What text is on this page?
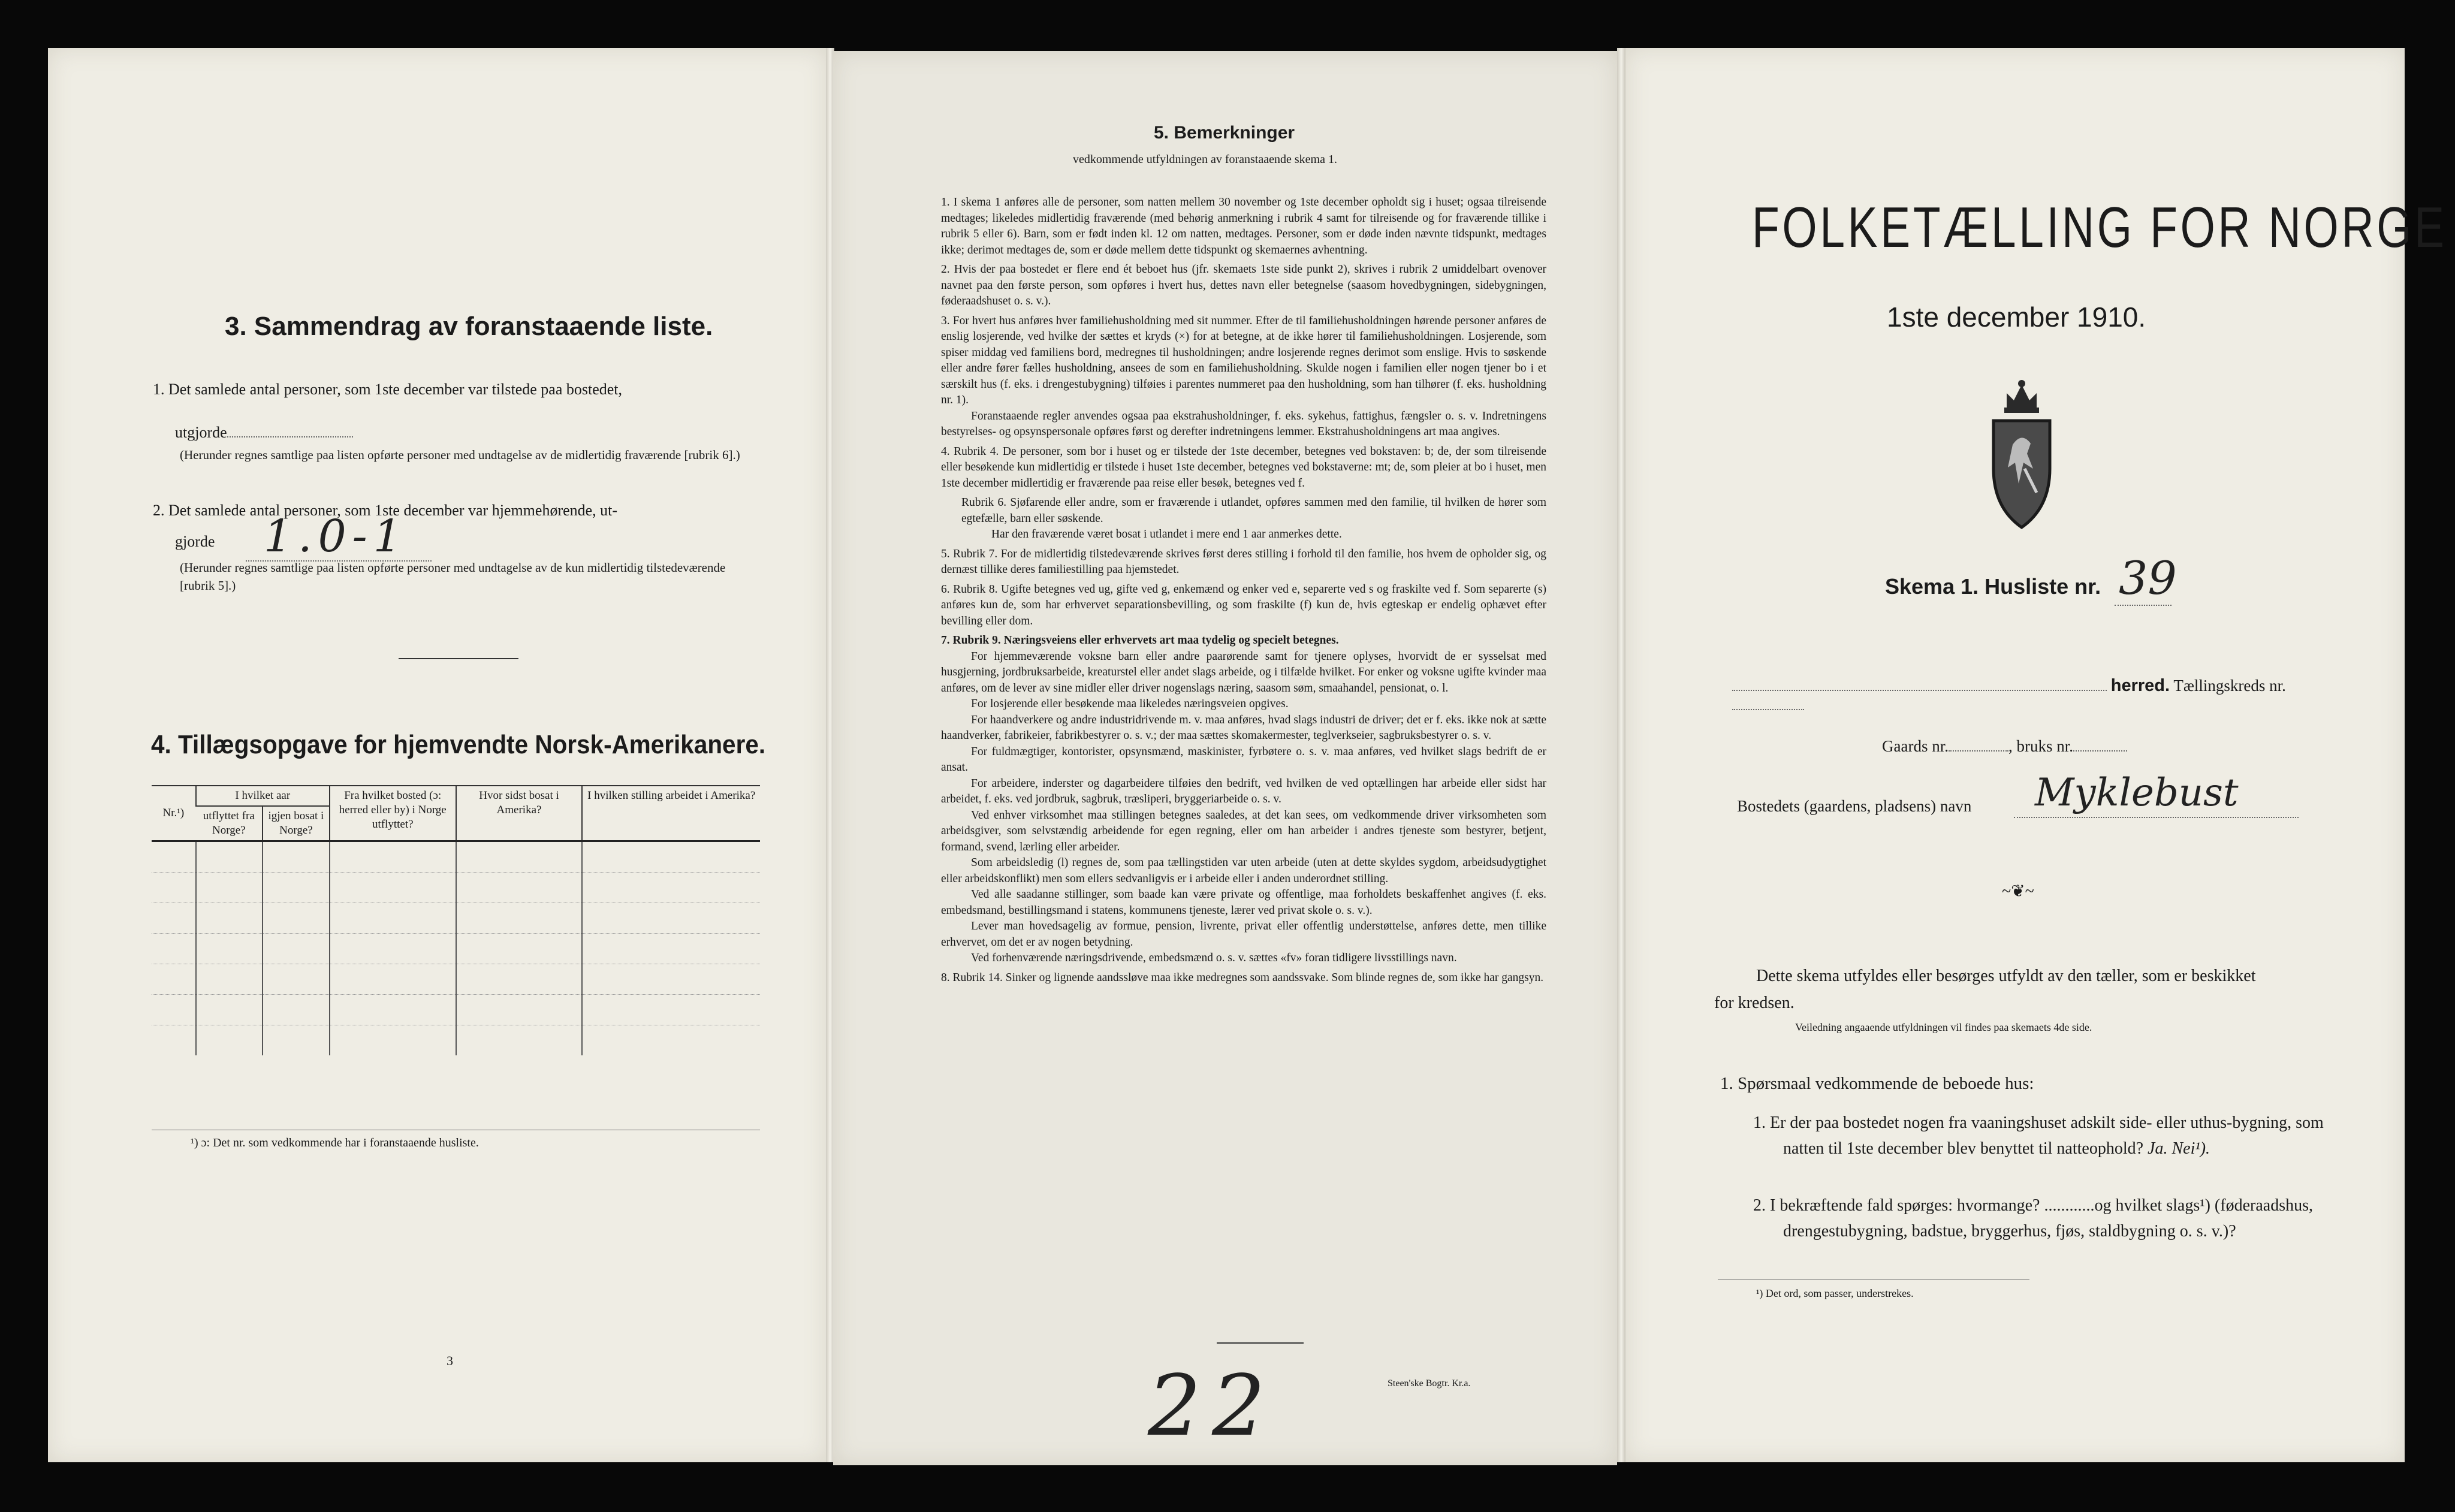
3. Sammendrag av foranstaaende liste.
1. Det samlede antal personer, som 1ste december var tilstede paa bostedet,
utgjorde
(Herunder regnes samtlige paa listen opførte personer med undtagelse av de midlertidig fraværende [rubrik 6].)
2. Det samlede antal personer, som 1ste december var hjemmehørende, ut-
gjorde 1.0-1
(Herunder regnes samtlige paa listen opførte personer med undtagelse av de kun midlertidig tilstedeværende [rubrik 5].)
4. Tillægsopgave for hjemvendte Norsk-Amerikanere.
Nr.¹)	I hvilket aar		Fra hvilket bosted (ɔ: herred eller by) i Norge utflyttet?	Hvor sidst bosat i Amerika?	I hvilken stilling arbeidet i Amerika?
	utflyttet fra Norge?	igjen bosat i Norge?			

¹) ɔ: Det nr. som vedkommende har i foranstaaende husliste.
3
5. Bemerkninger
vedkommende utfyldningen av foranstaaende skema 1.

1. I skema 1 anføres alle de personer, som natten mellem 30 november og 1ste december opholdt sig i huset; ogsaa tilreisende medtages; likeledes midlertidig fraværende (med behørig anmerkning i rubrik 4 samt for tilreisende og for fraværende tillike i rubrik 5 eller 6). Barn, som er født inden kl. 12 om natten, medtages. Personer, som er døde inden nævnte tidspunkt, medtages ikke; derimot medtages de, som er døde mellem dette tidspunkt og skemaernes avhentning.

2. Hvis der paa bostedet er flere end ét beboet hus (jfr. skemaets 1ste side punkt 2), skrives i rubrik 2 umiddelbart ovenover navnet paa den første person, som opføres i hvert hus, dettes navn eller betegnelse (saasom hovedbygningen, sidebygningen, føderaadshuset o. s. v.).

3. For hvert hus anføres hver familiehusholdning med sit nummer. Efter de til familiehusholdningen hørende personer anføres de enslig losjerende, ved hvilke der sættes et kryds (×) for at betegne, at de ikke hører til familiehusholdningen. Losjerende, som spiser middag ved familiens bord, medregnes til husholdningen; andre losjerende regnes derimot som enslige. Hvis to søskende eller andre fører fælles husholdning, ansees de som en familiehusholdning. Skulde nogen i familien eller nogen tjener bo i et særskilt hus (f. eks. i drengestubygning) tilføies i parentes nummeret paa den husholdning, som han tilhører (f. eks. husholdning nr. 1).

Foranstaaende regler anvendes ogsaa paa ekstrahusholdninger, f. eks. sykehus, fattighus, fængsler o. s. v. Indretningens bestyrelses- og opsynspersonale opføres først og derefter indretningens lemmer. Ekstrahusholdningens art maa angives.

4. Rubrik 4. De personer, som bor i huset og er tilstede der 1ste december, betegnes ved bokstaven: b; de, der som tilreisende eller besøkende kun midlertidig er tilstede i huset 1ste december, betegnes ved bokstaverne: mt; de, som pleier at bo i huset, men 1ste december midlertidig er fraværende paa reise eller besøk, betegnes ved f.

Rubrik 6. Sjøfarende eller andre, som er fraværende i utlandet, opføres sammen med den familie, til hvilken de hører som egtefælle, barn eller søskende.

Har den fraværende været bosat i utlandet i mere end 1 aar anmerkes dette.

5. Rubrik 7. For de midlertidig tilstedeværende skrives først deres stilling i forhold til den familie, hos hvem de opholder sig, og dernæst tillike deres familiestilling paa hjemstedet.

6. Rubrik 8. Ugifte betegnes ved ug, gifte ved g, enkemænd og enker ved e, separerte ved s og fraskilte ved f. Som separerte (s) anføres kun de, som har erhvervet separationsbevilling, og som fraskilte (f) kun de, hvis egteskap er endelig ophævet efter bevilling eller dom.

7. Rubrik 9. Næringsveiens eller erhvervets art maa tydelig og specielt betegnes.

For hjemmeværende voksne barn eller andre paarørende samt for tjenere oplyses, hvorvidt de er sysselsat med husgjerning, jordbruksarbeide, kreaturstel eller andet slags arbeide, og i tilfælde hvilket. For enker og voksne ugifte kvinder maa anføres, om de lever av sine midler eller driver nogenslags næring, saasom søm, smaahandel, pensionat, o. l.

For losjerende eller besøkende maa likeledes næringsveien opgives.

For haandverkere og andre industridrivende m. v. maa anføres, hvad slags industri de driver; det er f. eks. ikke nok at sætte haandverker, fabrikeier, fabrikbestyrer o. s. v.; der maa sættes skomakermester, teglverkseier, sagbruksbestyrer o. s. v.

For fuldmægtiger, kontorister, opsynsmænd, maskinister, fyrbøtere o. s. v. maa anføres, ved hvilket slags bedrift de er ansat.

For arbeidere, inderster og dagarbeidere tilføies den bedrift, ved hvilken de ved optællingen har arbeide eller sidst har arbeidet, f. eks. ved jordbruk, sagbruk, træsliperi, bryggeriarbeide o. s. v.

Ved enhver virksomhet maa stillingen betegnes saaledes, at det kan sees, om vedkommende driver virksomheten som arbeidsgiver, som selvstændig arbeidende for egen regning, eller om han arbeider i andres tjeneste som bestyrer, betjent, formand, svend, lærling eller arbeider.

Som arbeidsledig (l) regnes de, som paa tællingstiden var uten arbeide (uten at dette skyldes sygdom, arbeidsudygtighet eller arbeidskonflikt) men som ellers sedvanligvis er i arbeide eller i anden underordnet stilling.

Ved alle saadanne stillinger, som baade kan være private og offentlige, maa forholdets beskaffenhet angives (f. eks. embedsmand, bestillingsmand i statens, kommunens tjeneste, lærer ved privat skole o. s. v.).

Lever man hovedsagelig av formue, pension, livrente, privat eller offentlig understøttelse, anføres dette, men tillike erhvervet, om det er av nogen betydning.

Ved forhenværende næringsdrivende, embedsmænd o. s. v. sættes «fv» foran tidligere livsstillings navn.

8. Rubrik 14. Sinker og lignende aandssløve maa ikke medregnes som aandssvake. Som blinde regnes de, som ikke har gangsyn.

22	Steen'ske Bogtr. Kr.a.
FOLKETÆLLING FOR NORGE
1ste december 1910.
Skema 1. Husliste nr. 39
herred. Tællingskreds nr.
Gaards nr.	, bruks nr.
Bostedets (gaardens, pladsens) navn Myklebust
~❦~
Dette skema utfyldes eller besørges utfyldt av den tæller, som er beskikket for kredsen.
Veiledning angaaende utfyldningen vil findes paa skemaets 4de side.
1. Spørsmaal vedkommende de beboede hus:
1. Er der paa bostedet nogen fra vaaningshuset adskilt side- eller uthus-bygning, som natten til 1ste december blev benyttet til natteophold? Ja. Nei¹).
2. I bekræftende fald spørges: hvormange? ............og hvilket slags¹) (føderaadshus, drengestubygning, badstue, bryggerhus, fjøs, staldbygning o. s. v.)?
¹) Det ord, som passer, understrekes.
